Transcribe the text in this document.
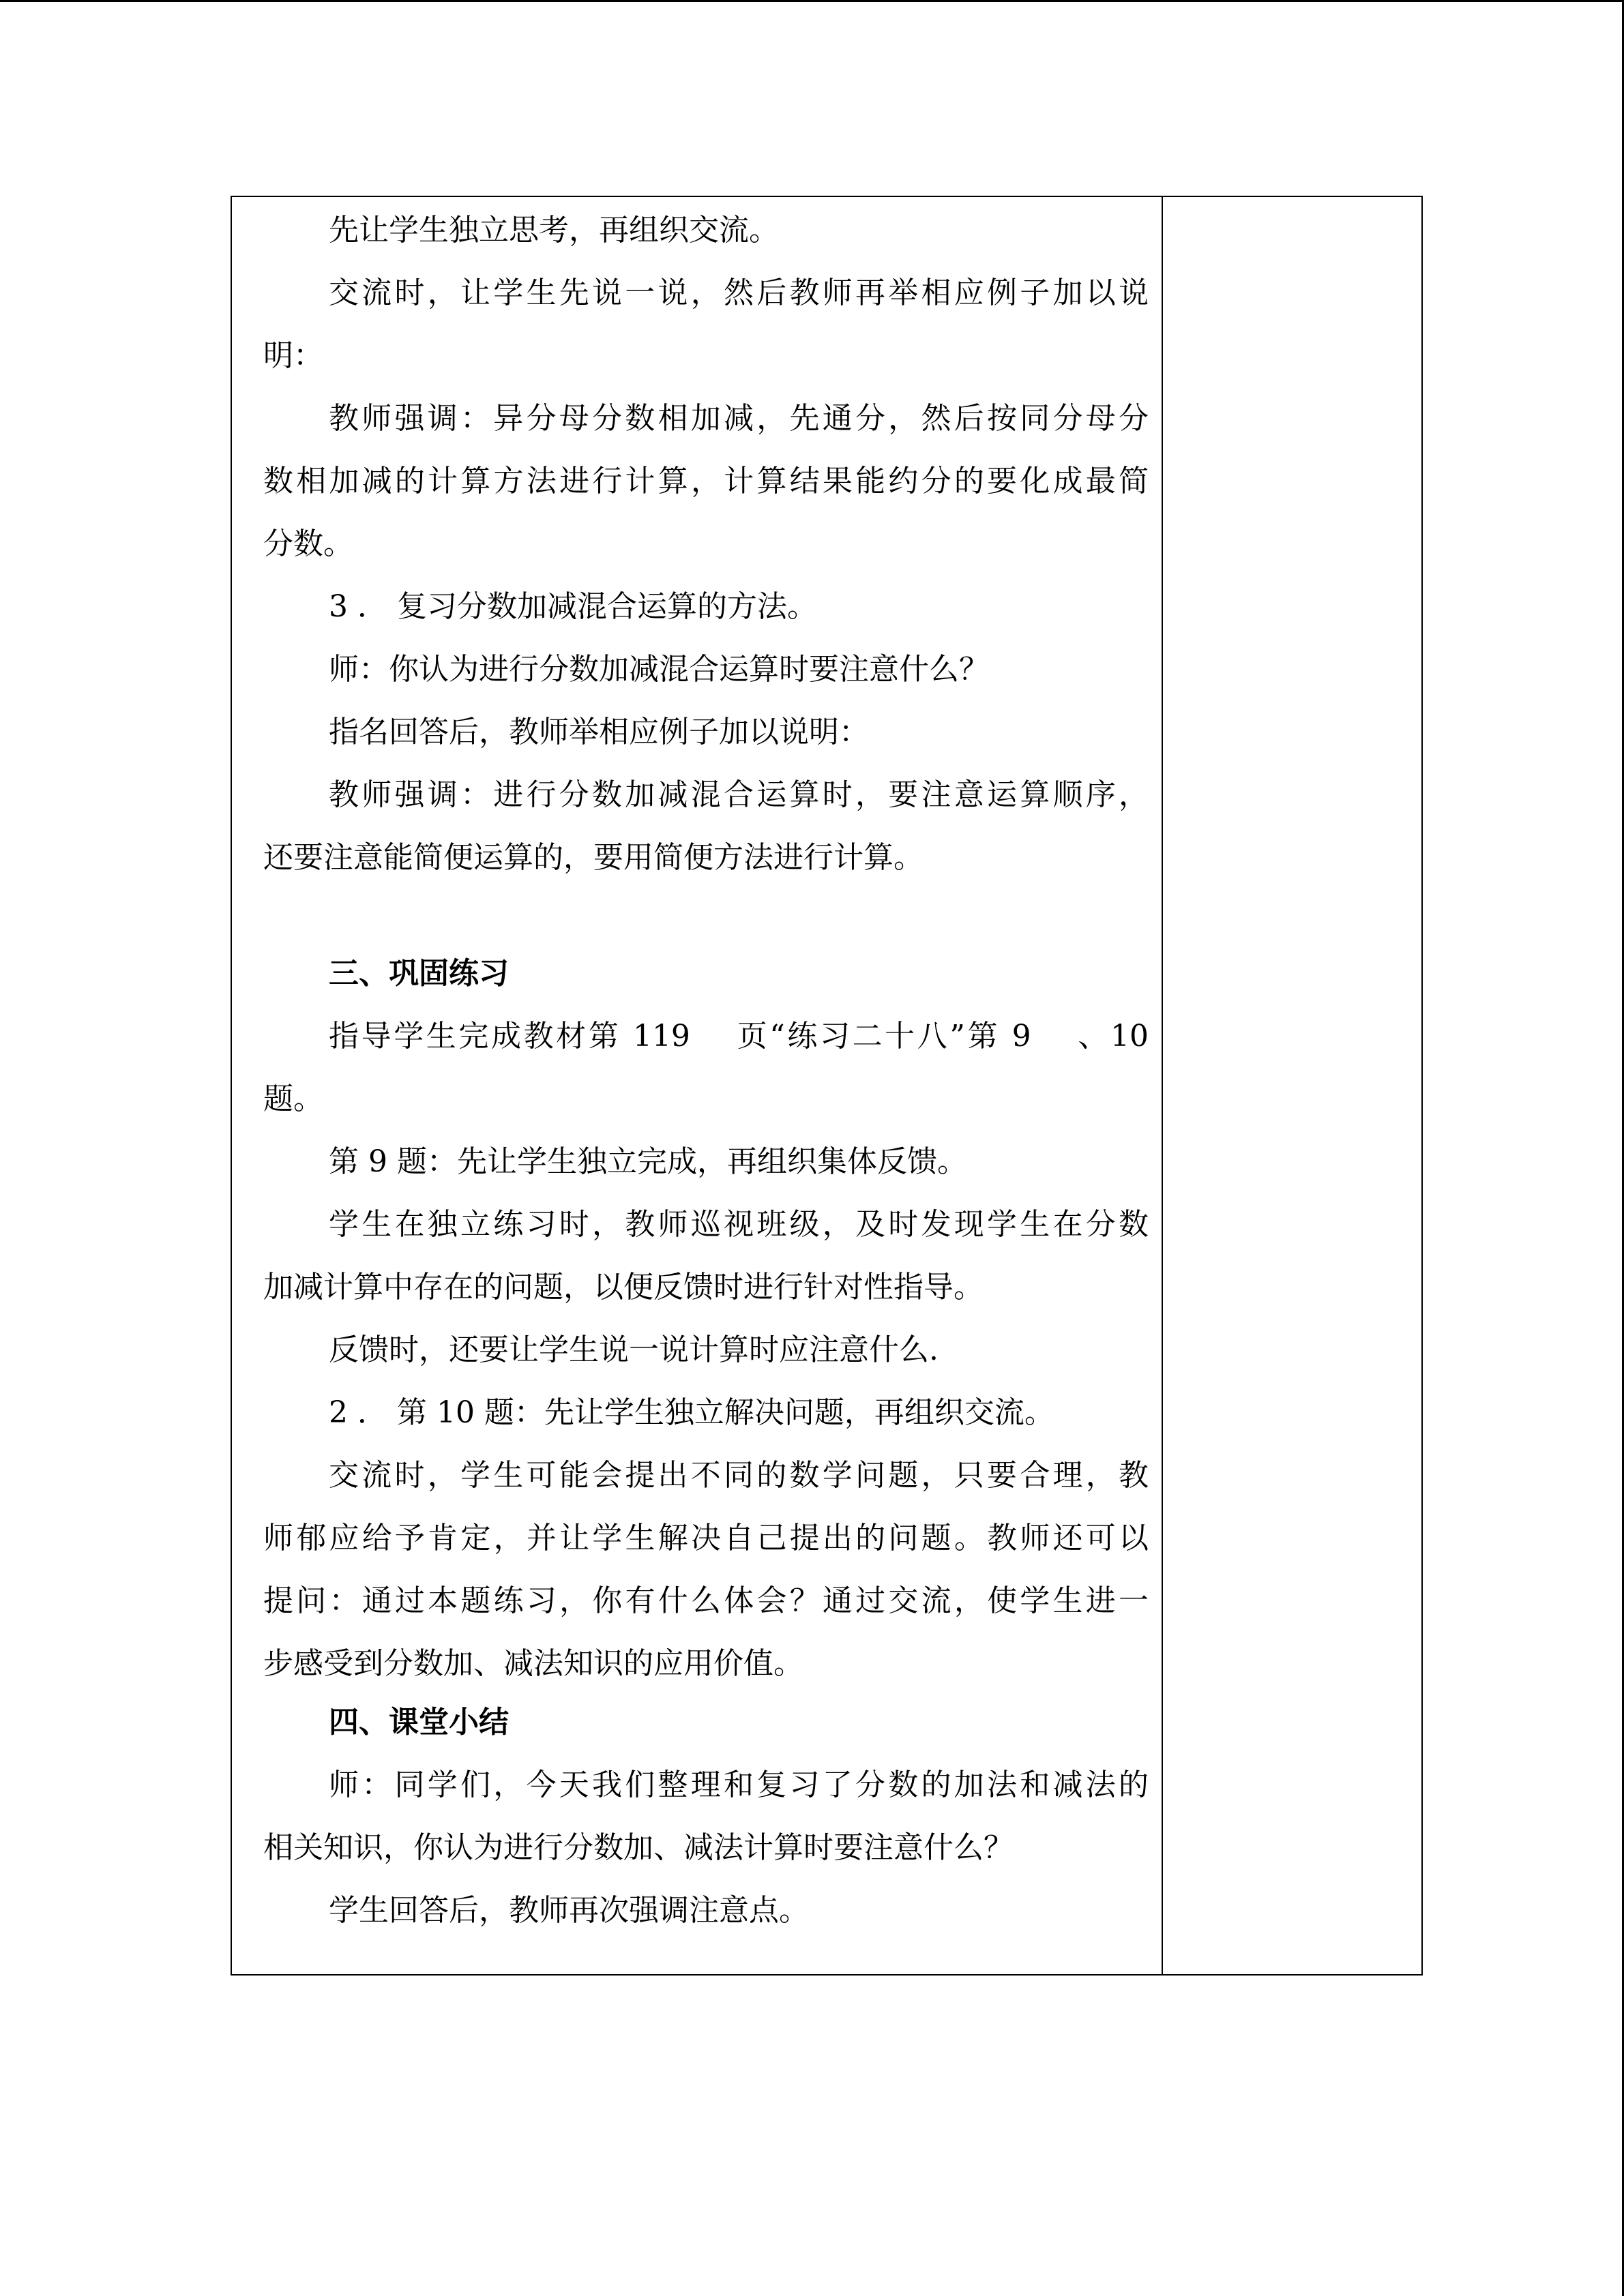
先让学生独立思考，再组织交流。
交流时，让学生先说一说，然后教师再举相应例子加以说
明：
教师强调：异分母分数相加减，先通分，然后按同分母分
数相加减的计算方法进行计算，计算结果能约分的要化成最简
分数。
3 ． 复习分数加减混合运算的方法。
师：你认为进行分数加减混合运算时要注意什么？
指名回答后，教师举相应例子加以说明：
教师强调：进行分数加减混合运算时，要注意运算顺序，
还要注意能简便运算的，要用简便方法进行计算。
三、巩固练习
指导学生完成教材第 119　 页“练习二十八”第 9　 、10
题。
第 9 题：先让学生独立完成，再组织集体反馈。
学生在独立练习时，教师巡视班级，及时发现学生在分数
加减计算中存在的问题，以便反馈时进行针对性指导。
反馈时，还要让学生说一说计算时应注意什么.
2 ． 第 10 题：先让学生独立解决问题，再组织交流。
交流时，学生可能会提出不同的数学问题，只要合理，教
师郁应给予肯定，并让学生解决自己提出的问题。教师还可以
提问：通过本题练习，你有什么体会？通过交流，使学生进一
步感受到分数加、减法知识的应用价值。
四、课堂小结
师：同学们，今天我们整理和复习了分数的加法和减法的
相关知识，你认为进行分数加、减法计算时要注意什么？
学生回答后，教师再次强调注意点。
